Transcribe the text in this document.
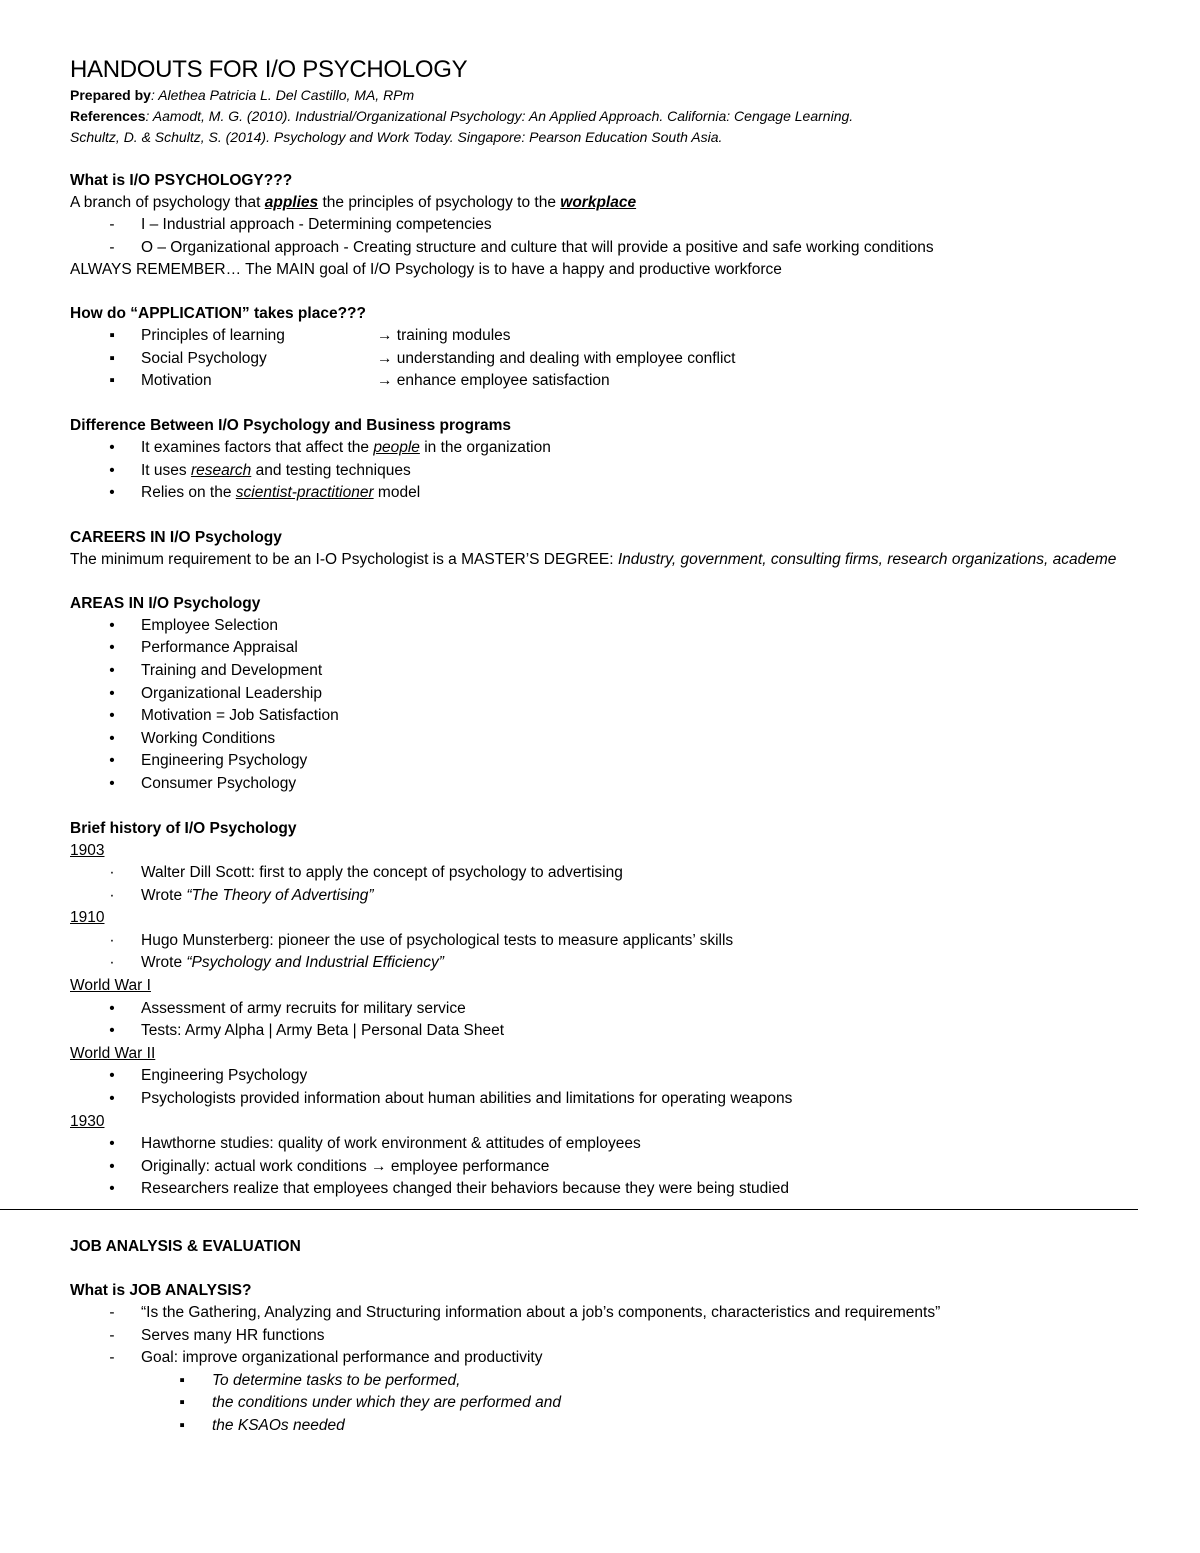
HANDOUTS FOR I/O PSYCHOLOGY
Prepared by: Alethea Patricia L. Del Castillo, MA, RPm
References: Aamodt, M. G. (2010). Industrial/Organizational Psychology: An Applied Approach. California: Cengage Learning.
Schultz, D. & Schultz, S. (2014). Psychology and Work Today. Singapore: Pearson Education South Asia.
What is I/O PSYCHOLOGY???
A branch of psychology that applies the principles of psychology to the workplace
- I – Industrial approach - Determining competencies
- O – Organizational approach - Creating structure and culture that will provide a positive and safe working conditions
ALWAYS REMEMBER… The MAIN goal of I/O Psychology is to have a happy and productive workforce
How do “APPLICATION” takes place???
▪ Principles of learning	→ training modules
▪ Social Psychology	→ understanding and dealing with employee conflict
▪ Motivation	→ enhance employee satisfaction
Difference Between I/O Psychology and Business programs
• It examines factors that affect the people in the organization
• It uses research and testing techniques
• Relies on the scientist-practitioner model
CAREERS IN I/O Psychology
The minimum requirement to be an I-O Psychologist is a MASTER’S DEGREE: Industry, government, consulting firms, research organizations, academe
AREAS IN I/O Psychology
• Employee Selection
• Performance Appraisal
• Training and Development
• Organizational Leadership
• Motivation = Job Satisfaction
• Working Conditions
• Engineering Psychology
• Consumer Psychology
Brief history of I/O Psychology
1903
· Walter Dill Scott: first to apply the concept of psychology to advertising
· Wrote “The Theory of Advertising”
1910
· Hugo Munsterberg: pioneer the use of psychological tests to measure applicants’ skills
· Wrote “Psychology and Industrial Efficiency”
World War I
• Assessment of army recruits for military service
• Tests: Army Alpha | Army Beta | Personal Data Sheet
World War II
• Engineering Psychology
• Psychologists provided information about human abilities and limitations for operating weapons
1930
• Hawthorne studies: quality of work environment & attitudes of employees
• Originally: actual work conditions → employee performance
• Researchers realize that employees changed their behaviors because they were being studied
JOB ANALYSIS & EVALUATION
What is JOB ANALYSIS?
- “Is the Gathering, Analyzing and Structuring information about a job’s components, characteristics and requirements”
- Serves many HR functions
- Goal: improve organizational performance and productivity
▪ To determine tasks to be performed,
▪ the conditions under which they are performed and
▪ the KSAOs needed
